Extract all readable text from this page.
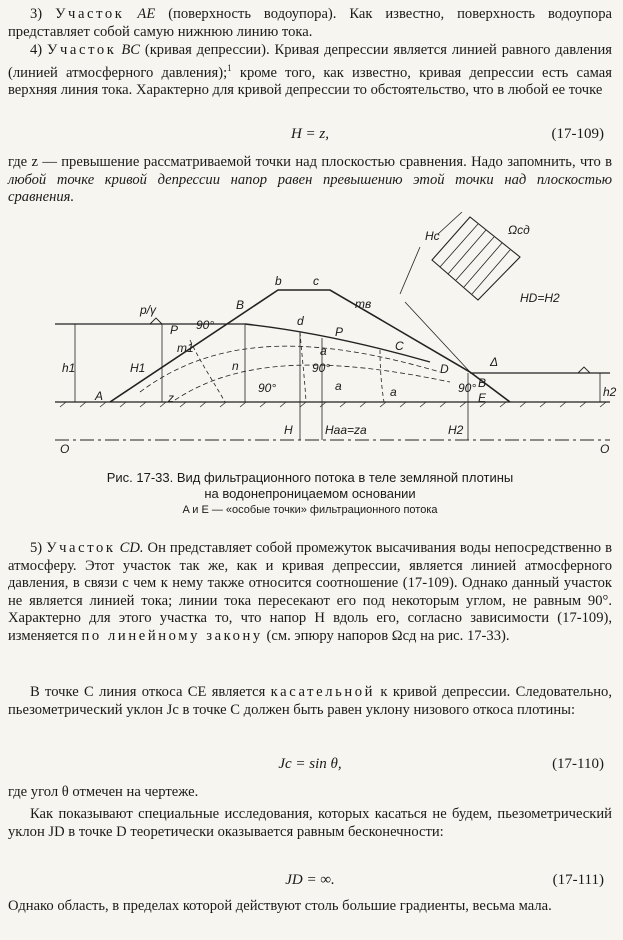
3) Участок AE (поверхность водоупора). Как известно, поверхность водоупора представляет собой самую нижнюю линию тока.

4) Участок BC (кривая депрессии). Кривая депрессии является линией равного давления (линией атмосферного давления);$^1$ кроме того, как известно, кривая депрессии есть самая верхняя линия тока. Характерно для кривой депрессии то обстоятельство, что в любой ее точке

H = z,	(17-109)

где z — превышение рассматриваемой точки над плоскостью сравнения. Надо запомнить, что в любой точке кривой депрессии напор равен превышению этой точки над плоскостью сравнения.

Hc	Ωcд
HD=H2
b	c
B	mв
m1
P	P
C
D
d
a
a	a
A	E
B
h1	H1
z
p/γ
H	Haa=za	H2
h2
Δ
90°
90°
90°	90°
n
O	O
Рис. 17-33. Вид фильтрационного потока в теле земляной плотины
на водонепроницаемом основании
A и E — «особые точки» фильтрационного потока

5) Участок CD. Он представляет собой промежуток высачивания воды непосредственно в атмосферу. Этот участок так же, как и кривая депрессии, является линией атмосферного давления, в связи с чем к нему также относится соотношение (17-109). Однако данный участок не является линией тока; линии тока пересекают его под некоторым углом, не равным 90°. Характерно для этого участка то, что напор H вдоль его, согласно зависимости (17-109), изменяется по линейному закону (см. эпюру напоров Ωcд на рис. 17-33).

В точке C линия откоса CE является касательной к кривой депрессии. Следовательно, пьезометрический уклон Jc в точке C должен быть равен уклону низового откоса плотины:

Jc = sin θ,	(17-110)

где угол θ отмечен на чертеже.

Как показывают специальные исследования, которых касаться не будем, пьезометрический уклон JD в точке D теоретически оказывается равным бесконечности:

JD = ∞.	(17-111)

Однако область, в пределах которой действуют столь большие градиенты, весьма мала.
